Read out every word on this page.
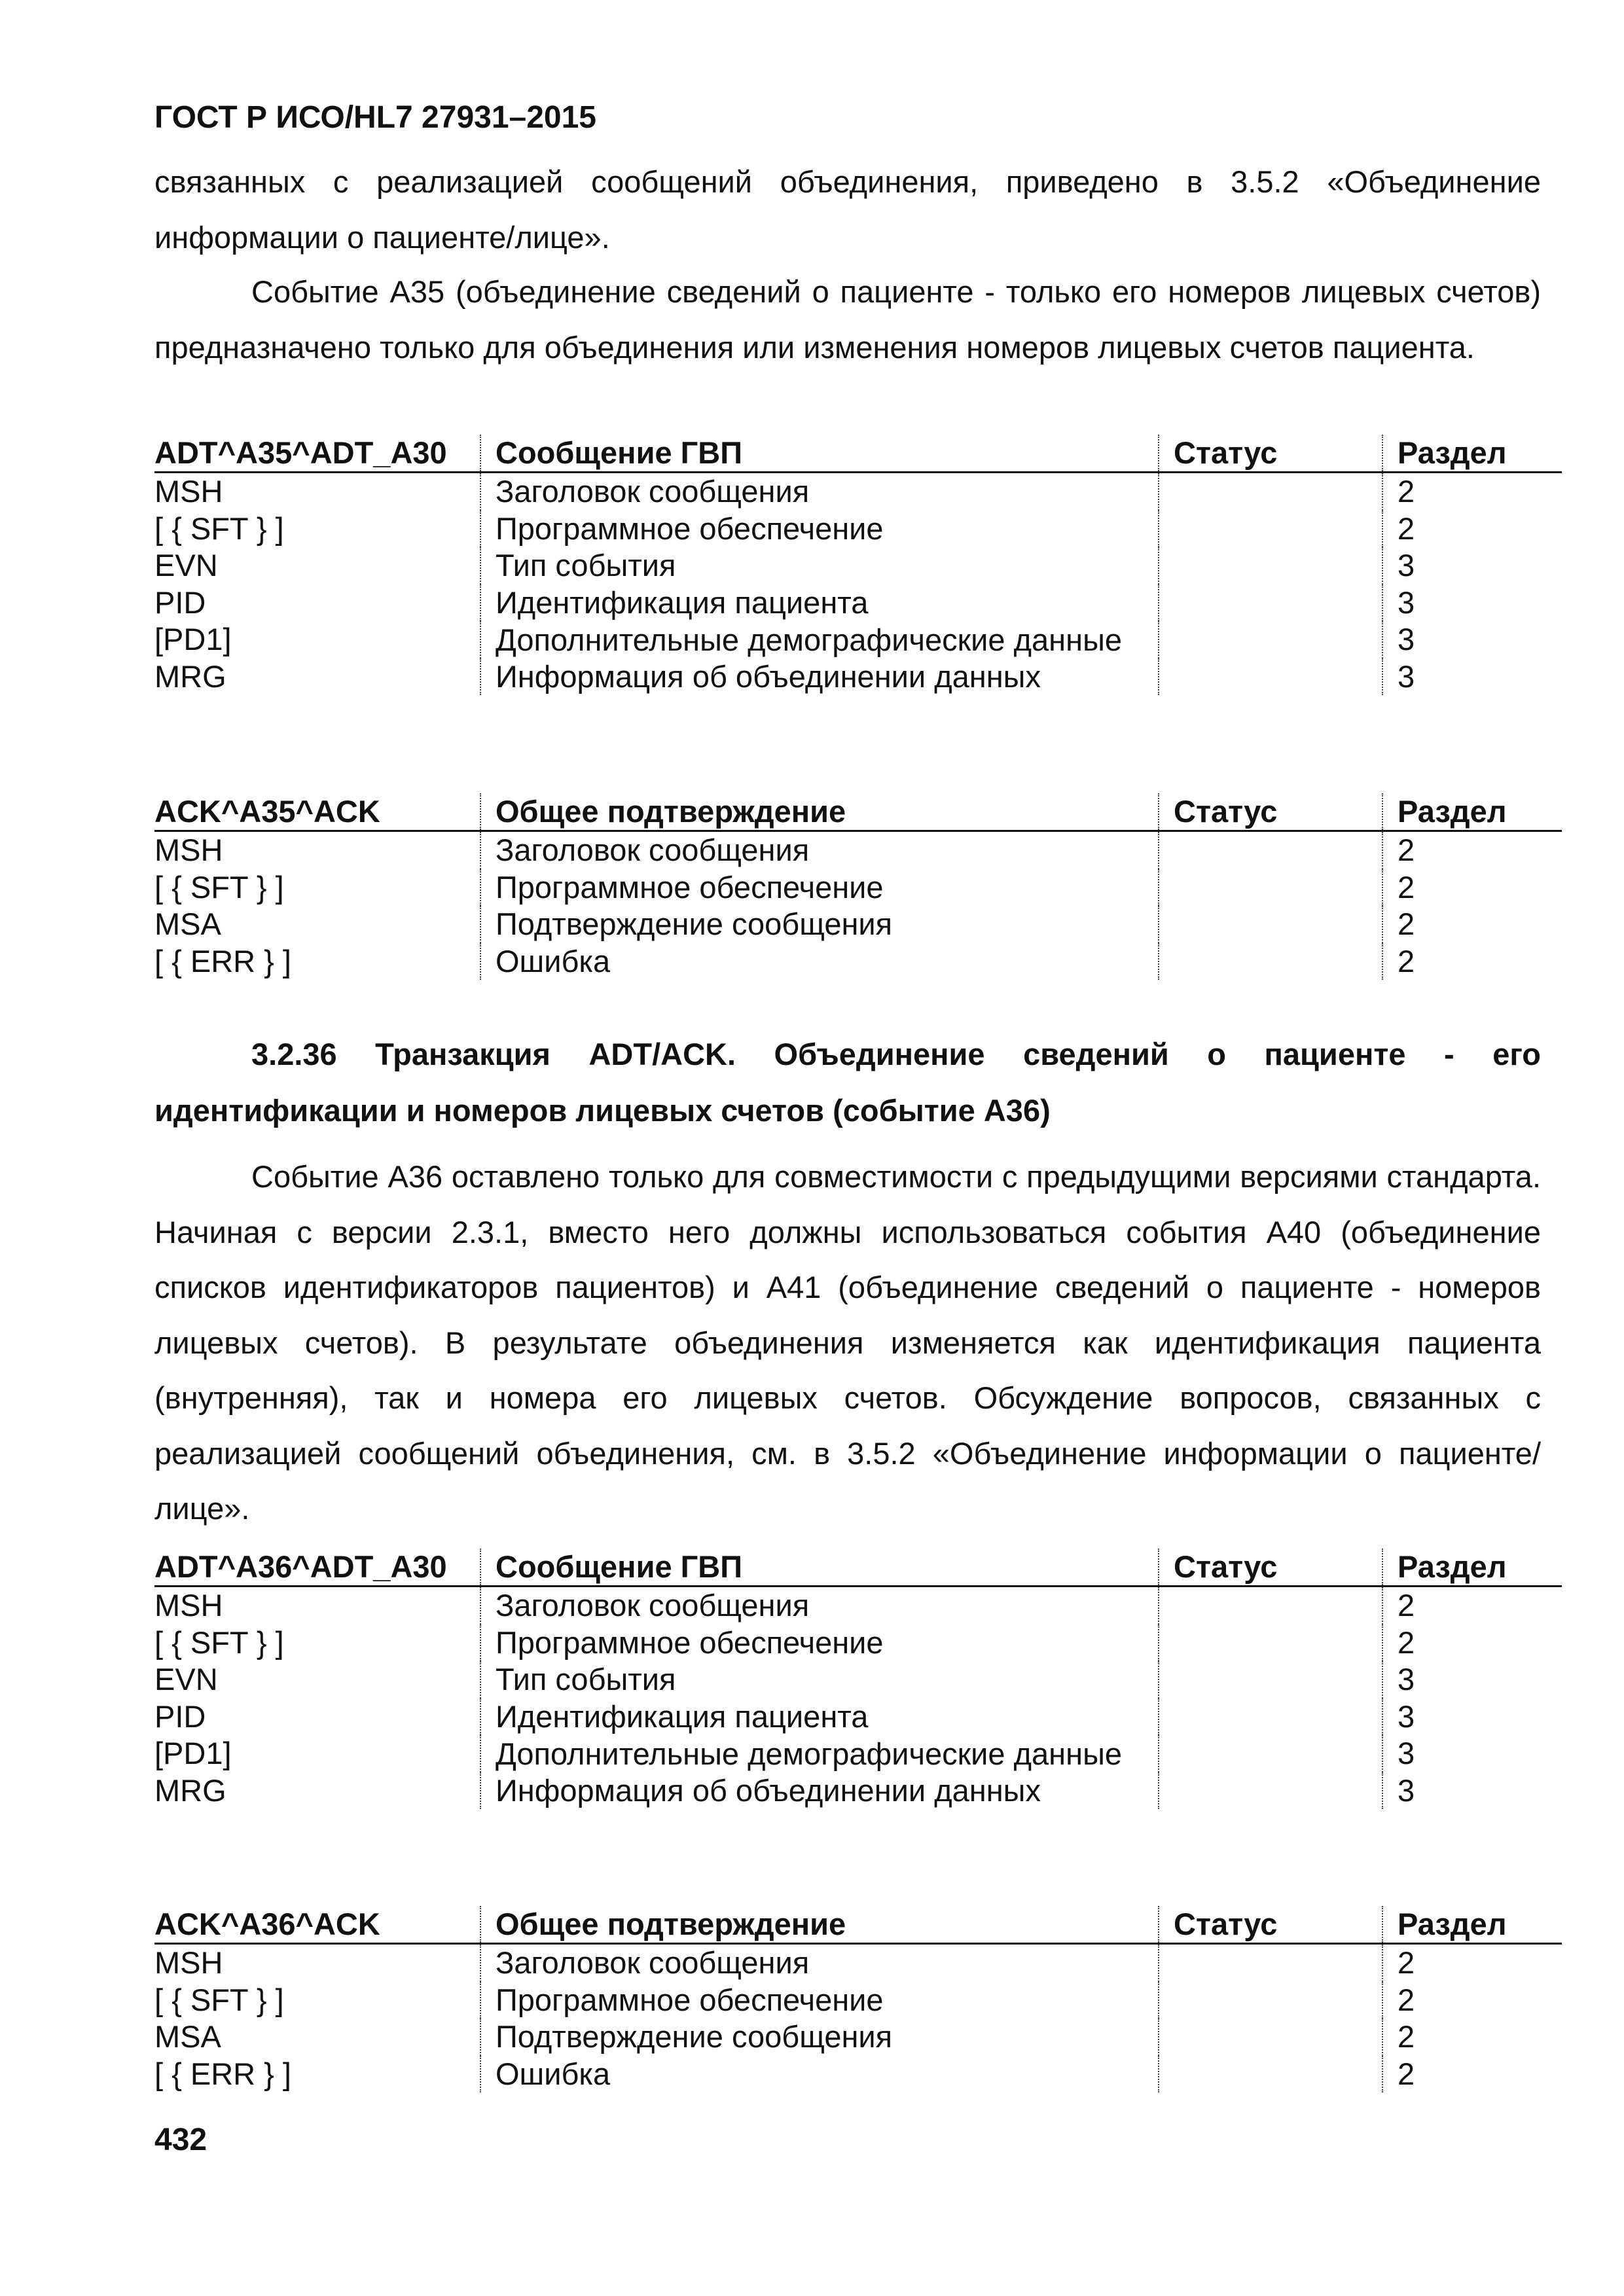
ГОСТ Р ИСО/HL7 27931–2015

связанных с реализацией сообщений объединения, приведено в 3.5.2 «Объединение информации о пациенте/лице».

Событие А35 (объединение сведений о пациенте - только его номеров лицевых счетов) предназначено только для объединения или изменения номеров лицевых счетов пациента.

ADT^A35^ADT_A30	Сообщение ГВП	Статус	Раздел
MSH	Заголовок сообщения		2
[ { SFT } ]	Программное обеспечение		2
EVN	Тип события		3
PID	Идентификация пациента		3
[PD1]	Дополнительные демографические данные		3
MRG	Информация об объединении данных		3
ACK^A35^ACK	Общее подтверждение	Статус	Раздел
MSH	Заголовок сообщения		2
[ { SFT } ]	Программное обеспечение		2
MSA	Подтверждение сообщения		2
[ { ERR } ]	Ошибка		2

3.2.36 Транзакция ADT/ACK. Объединение сведений о пациенте - его идентификации и номеров лицевых счетов (событие А36)

Событие А36 оставлено только для совместимости с предыдущими версиями стандарта. Начиная с версии 2.3.1, вместо него должны использоваться события А40 (объединение списков идентификаторов пациентов) и А41 (объединение сведений о пациенте - номеров лицевых счетов). В результате объединения изменяется как идентификация пациента (внутренняя), так и номера его лицевых счетов. Обсуждение вопросов, связанных с реализацией сообщений объединения, см. в 3.5.2 «Объединение информации о пациенте/лице».

ADT^A36^ADT_A30	Сообщение ГВП	Статус	Раздел
MSH	Заголовок сообщения		2
[ { SFT } ]	Программное обеспечение		2
EVN	Тип события		3
PID	Идентификация пациента		3
[PD1]	Дополнительные демографические данные		3
MRG	Информация об объединении данных		3
ACK^A36^ACK	Общее подтверждение	Статус	Раздел
MSH	Заголовок сообщения		2
[ { SFT } ]	Программное обеспечение		2
MSA	Подтверждение сообщения		2
[ { ERR } ]	Ошибка		2

432
